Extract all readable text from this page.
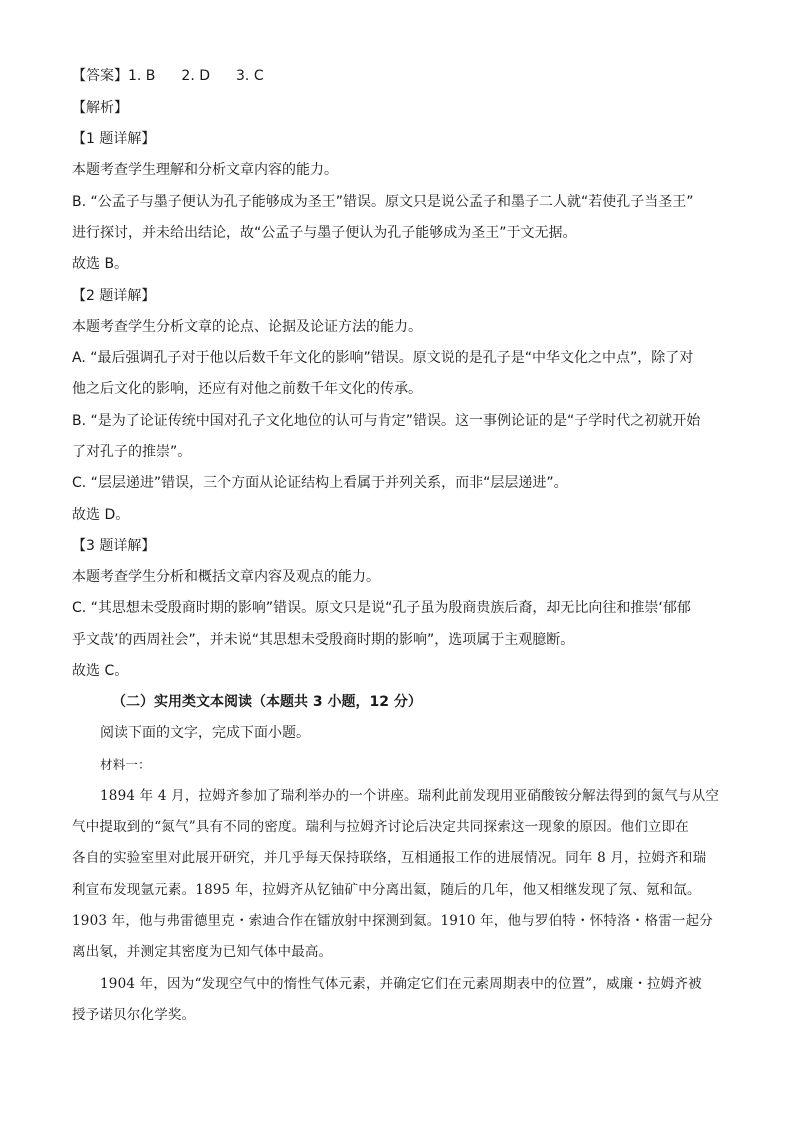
【答案】1. B 2. D 3. C
【解析】
【1 题详解】
本题考查学生理解和分析文章内容的能力。
B. “公孟子与墨子便认为孔子能够成为圣王”错误。原文只是说公孟子和墨子二人就“若使孔子当圣王”
进行探讨，并未给出结论，故“公孟子与墨子便认为孔子能够成为圣王”于文无据。
故选 B。
【2 题详解】
本题考查学生分析文章的论点、论据及论证方法的能力。
A. “最后强调孔子对于他以后数千年文化的影响”错误。原文说的是孔子是“中华文化之中点”，除了对
他之后文化的影响，还应有对他之前数千年文化的传承。
B. “是为了论证传统中国对孔子文化地位的认可与肯定”错误。这一事例论证的是“子学时代之初就开始
了对孔子的推崇”。
C. “层层递进”错误，三个方面从论证结构上看属于并列关系，而非“层层递进”。
故选 D。
【3 题详解】
本题考查学生分析和概括文章内容及观点的能力。
C. “其思想未受殷商时期的影响”错误。原文只是说“孔子虽为殷商贵族后裔，却无比向往和推崇‘郁郁
乎文哉’的西周社会”，并未说“其思想未受殷商时期的影响”，选项属于主观臆断。
故选 C。
（二）实用类文本阅读（本题共 3 小题，12 分）
阅读下面的文字，完成下面小题。
材料一：
1894 年 4 月，拉姆齐参加了瑞利举办的一个讲座。瑞利此前发现用亚硝酸铵分解法得到的氮气与从空
气中提取到的“氮气”具有不同的密度。瑞利与拉姆齐讨论后决定共同探索这一现象的原因。他们立即在
各自的实验室里对此展开研究，并几乎每天保持联络，互相通报工作的进展情况。同年 8 月，拉姆齐和瑞
利宣布发现氩元素。1895 年，拉姆齐从钇铀矿中分离出氦，随后的几年，他又相继发现了氖、氪和氙。
1903 年，他与弗雷德里克・索迪合作在镭放射中探测到氦。1910 年，他与罗伯特・怀特洛・格雷一起分
离出氡，并测定其密度为已知气体中最高。
1904 年，因为“发现空气中的惰性气体元素，并确定它们在元素周期表中的位置”，威廉・拉姆齐被
授予诺贝尔化学奖。
